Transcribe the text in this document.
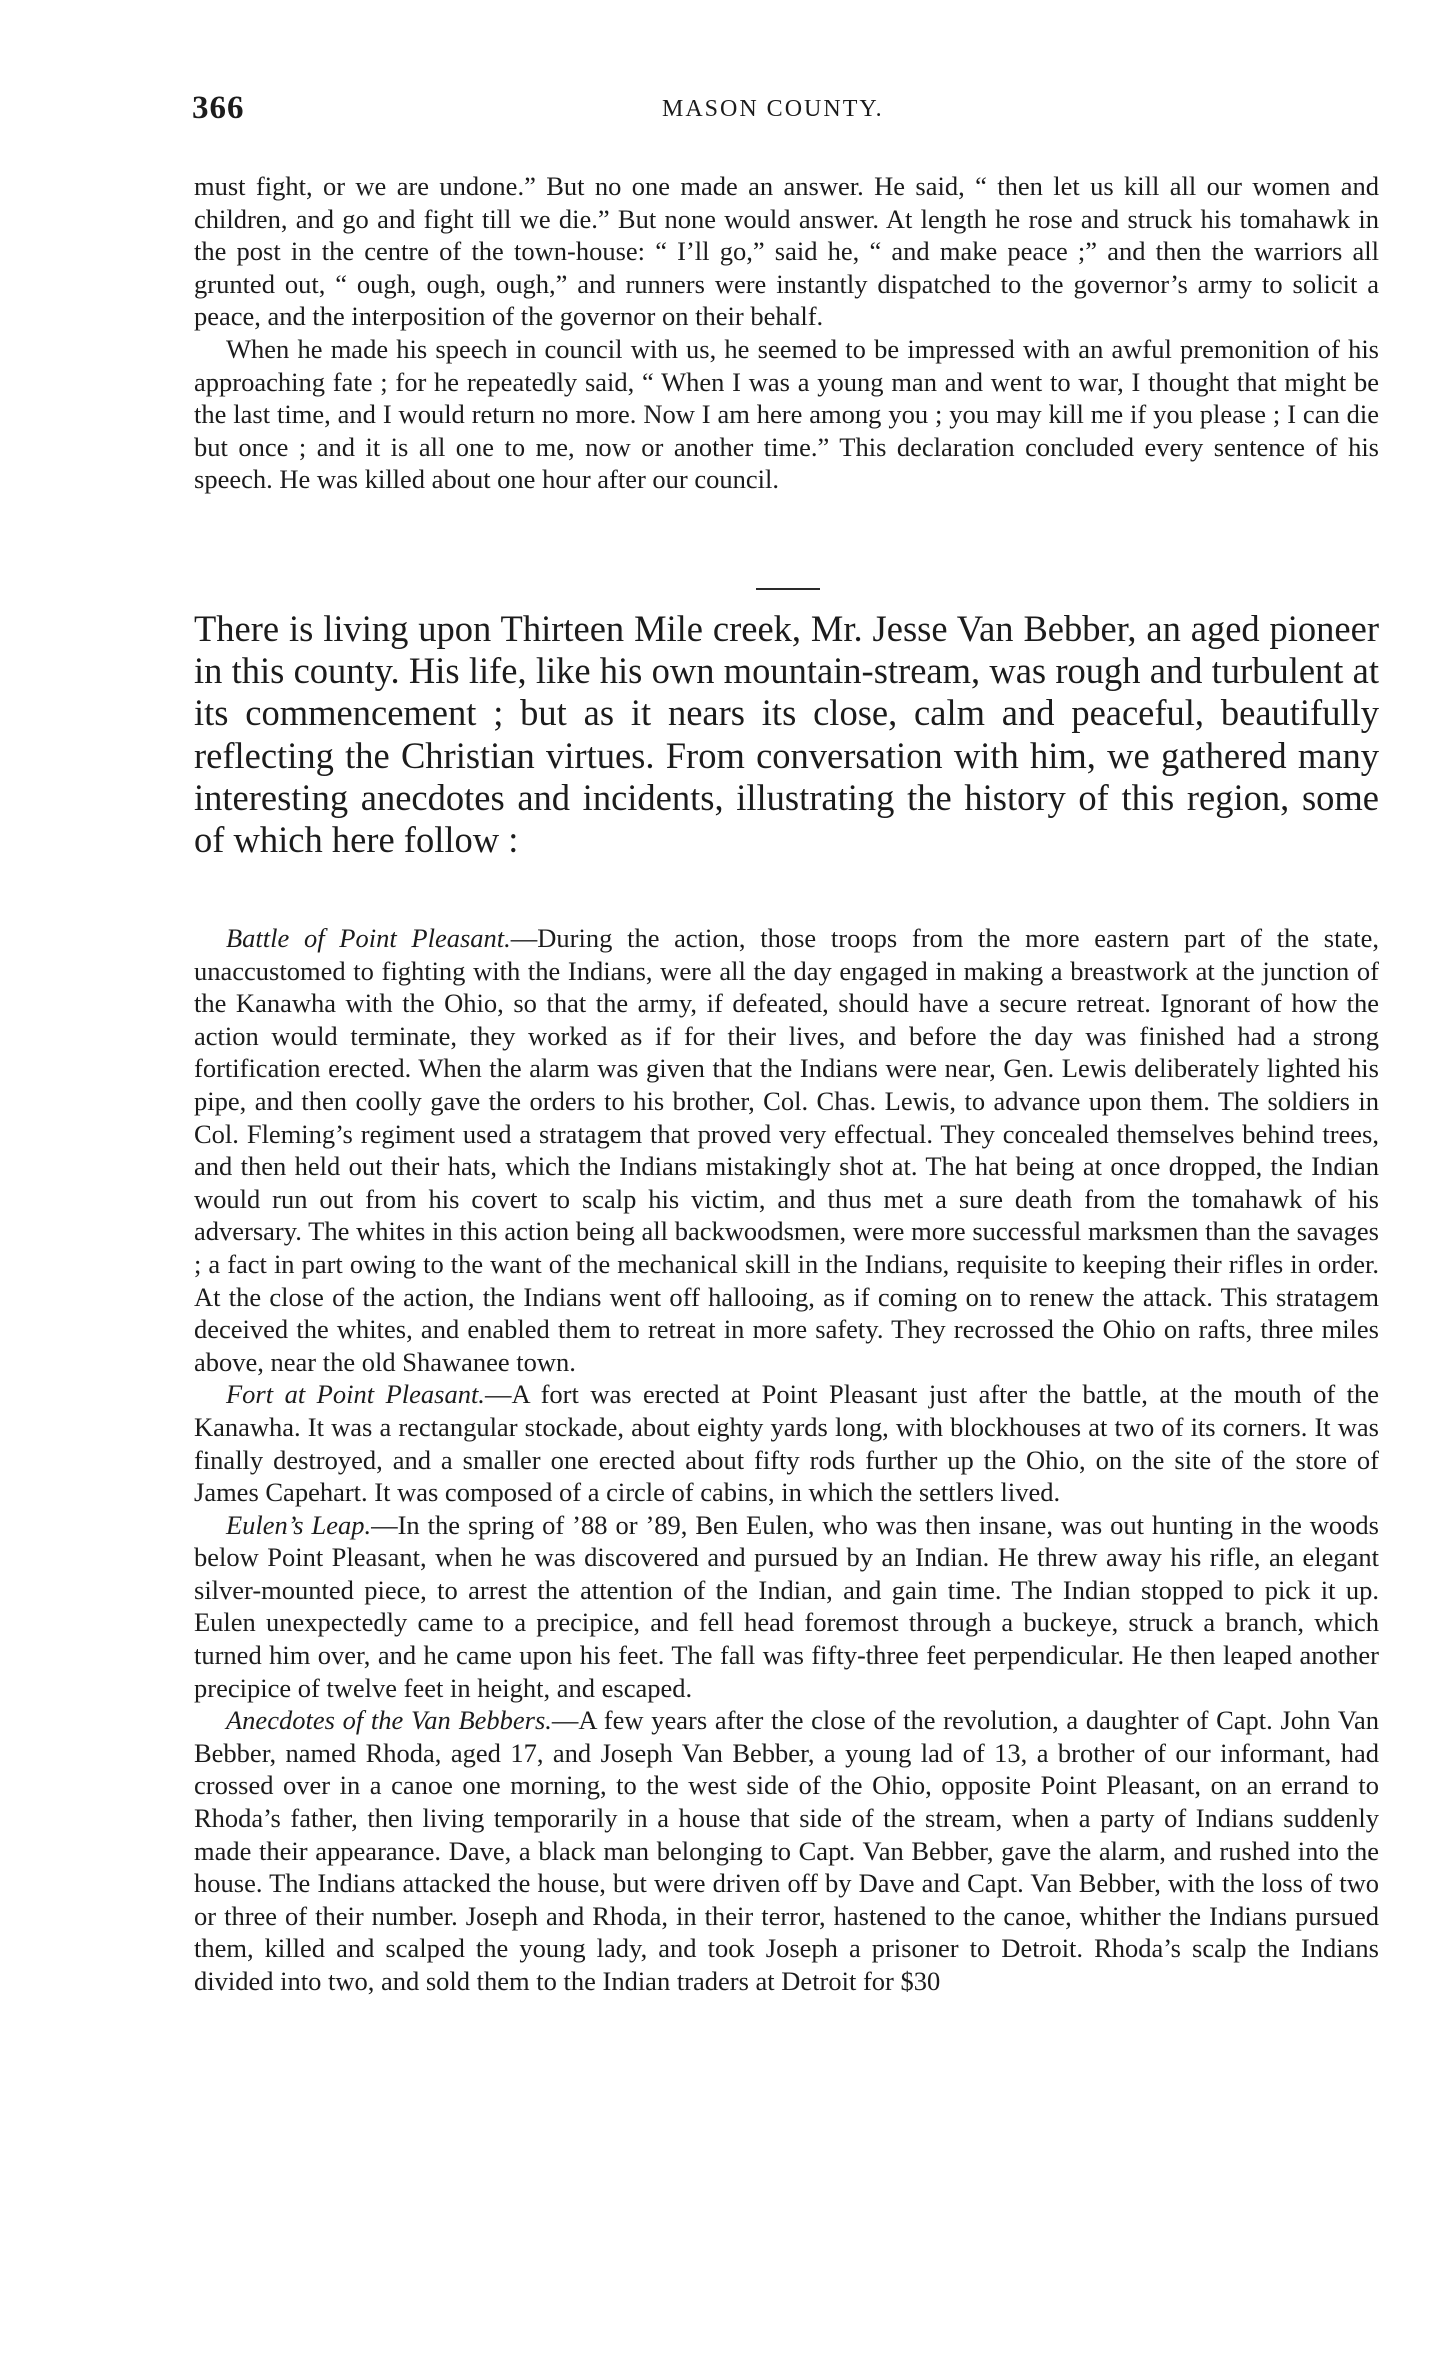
366	MASON COUNTY.

must fight, or we are undone.” But no one made an answer. He said, “ then let us kill all our women and children, and go and fight till we die.” But none would answer. At length he rose and struck his tomahawk in the post in the centre of the town-house: “ I’ll go,” said he, “ and make peace ;” and then the warriors all grunted out, “ ough, ough, ough,” and runners were instantly dispatched to the governor’s army to solicit a peace, and the interposition of the governor on their behalf.

When he made his speech in council with us, he seemed to be impressed with an awful premonition of his approaching fate ; for he repeatedly said, “ When I was a young man and went to war, I thought that might be the last time, and I would return no more. Now I am here among you ; you may kill me if you please ; I can die but once ; and it is all one to me, now or another time.” This declaration concluded every sentence of his speech. He was killed about one hour after our council.

There is living upon Thirteen Mile creek, Mr. Jesse Van Bebber, an aged pioneer in this county. His life, like his own mountain-stream, was rough and turbulent at its commencement ; but as it nears its close, calm and peaceful, beautifully reflecting the Christian virtues. From conversation with him, we gathered many interesting anecdotes and incidents, illustrating the history of this region, some of which here follow :

Battle of Point Pleasant.—During the action, those troops from the more eastern part of the state, unaccustomed to fighting with the Indians, were all the day engaged in making a breastwork at the junction of the Kanawha with the Ohio, so that the army, if defeated, should have a secure retreat. Ignorant of how the action would terminate, they worked as if for their lives, and before the day was finished had a strong fortification erected. When the alarm was given that the Indians were near, Gen. Lewis deliberately lighted his pipe, and then coolly gave the orders to his brother, Col. Chas. Lewis, to advance upon them. The soldiers in Col. Fleming’s regiment used a stratagem that proved very effectual. They concealed themselves behind trees, and then held out their hats, which the Indians mistakingly shot at. The hat being at once dropped, the Indian would run out from his covert to scalp his victim, and thus met a sure death from the tomahawk of his adversary. The whites in this action being all backwoodsmen, were more successful marksmen than the savages ; a fact in part owing to the want of the mechanical skill in the Indians, requisite to keeping their rifles in order. At the close of the action, the Indians went off hallooing, as if coming on to renew the attack. This stratagem deceived the whites, and enabled them to retreat in more safety. They recrossed the Ohio on rafts, three miles above, near the old Shawanee town.

Fort at Point Pleasant.—A fort was erected at Point Pleasant just after the battle, at the mouth of the Kanawha. It was a rectangular stockade, about eighty yards long, with blockhouses at two of its corners. It was finally destroyed, and a smaller one erected about fifty rods further up the Ohio, on the site of the store of James Capehart. It was composed of a circle of cabins, in which the settlers lived.

Eulen’s Leap.—In the spring of ’88 or ’89, Ben Eulen, who was then insane, was out hunting in the woods below Point Pleasant, when he was discovered and pursued by an Indian. He threw away his rifle, an elegant silver-mounted piece, to arrest the attention of the Indian, and gain time. The Indian stopped to pick it up. Eulen unexpectedly came to a precipice, and fell head foremost through a buckeye, struck a branch, which turned him over, and he came upon his feet. The fall was fifty-three feet perpendicular. He then leaped another precipice of twelve feet in height, and escaped.

Anecdotes of the Van Bebbers.—A few years after the close of the revolution, a daughter of Capt. John Van Bebber, named Rhoda, aged 17, and Joseph Van Bebber, a young lad of 13, a brother of our informant, had crossed over in a canoe one morning, to the west side of the Ohio, opposite Point Pleasant, on an errand to Rhoda’s father, then living temporarily in a house that side of the stream, when a party of Indians suddenly made their appearance. Dave, a black man belonging to Capt. Van Bebber, gave the alarm, and rushed into the house. The Indians attacked the house, but were driven off by Dave and Capt. Van Bebber, with the loss of two or three of their number. Joseph and Rhoda, in their terror, hastened to the canoe, whither the Indians pursued them, killed and scalped the young lady, and took Joseph a prisoner to Detroit. Rhoda’s scalp the Indians divided into two, and sold them to the Indian traders at Detroit for $30
